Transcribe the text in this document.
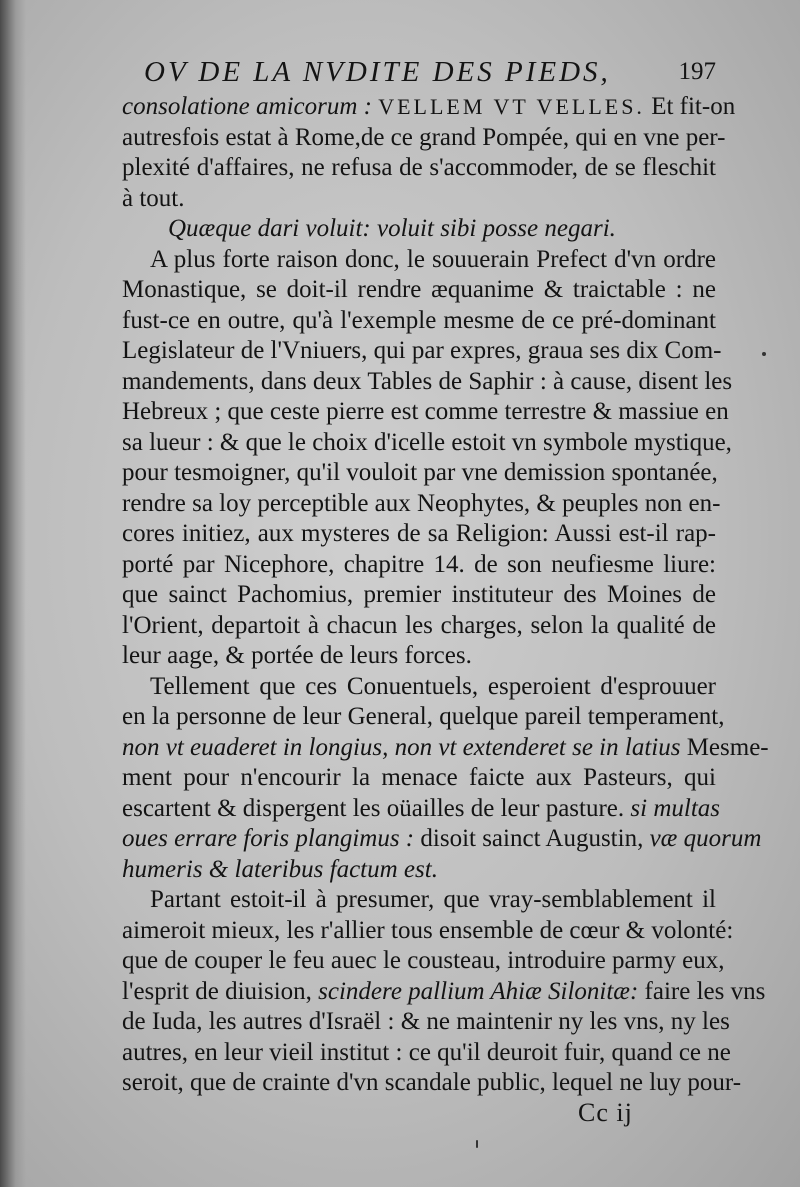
OV DE LA NVDITE DES PIEDS,	197
consolatione amicorum : VELLEM VT VELLES. Et fit-on
autresfois estat à Rome,de ce grand Pompée, qui en vne per-
plexité d'affaires, ne refusa de s'accommoder, de se fleschit
à tout.
Quæque dari voluit: voluit sibi posse negari.
A plus forte raison donc, le souuerain Prefect d'vn ordre
Monastique, se doit-il rendre æquanime & traictable : ne
fust-ce en outre, qu'à l'exemple mesme de ce pré-dominant
Legislateur de l'Vniuers, qui par expres, graua ses dix Com-
mandements, dans deux Tables de Saphir : à cause, disent les
Hebreux ; que ceste pierre est comme terrestre & massiue en
sa lueur : & que le choix d'icelle estoit vn symbole mystique,
pour tesmoigner, qu'il vouloit par vne demission spontanée,
rendre sa loy perceptible aux Neophytes, & peuples non en-
cores initiez, aux mysteres de sa Religion: Aussi est-il rap-
porté par Nicephore, chapitre 14. de son neufiesme liure:
que sainct Pachomius, premier instituteur des Moines de
l'Orient, departoit à chacun les charges, selon la qualité de
leur aage, & portée de leurs forces.
Tellement que ces Conuentuels, esperoient d'esprouuer
en la personne de leur General, quelque pareil temperament,
non vt euaderet in longius, non vt extenderet se in latius Mesme-
ment pour n'encourir la menace faicte aux Pasteurs, qui
escartent & dispergent les oüailles de leur pasture. si multas
oues errare foris plangimus : disoit sainct Augustin, væ quorum
humeris & lateribus factum est.
Partant estoit-il à presumer, que vray-semblablement il
aimeroit mieux, les r'allier tous ensemble de cœur & volonté:
que de couper le feu auec le cousteau, introduire parmy eux,
l'esprit de diuision, scindere pallium Ahiæ Silonitæ: faire les vns
de Iuda, les autres d'Israël : & ne maintenir ny les vns, ny les
autres, en leur vieil institut : ce qu'il deuroit fuir, quand ce ne
seroit, que de crainte d'vn scandale public, lequel ne luy pour-
Cc ij
